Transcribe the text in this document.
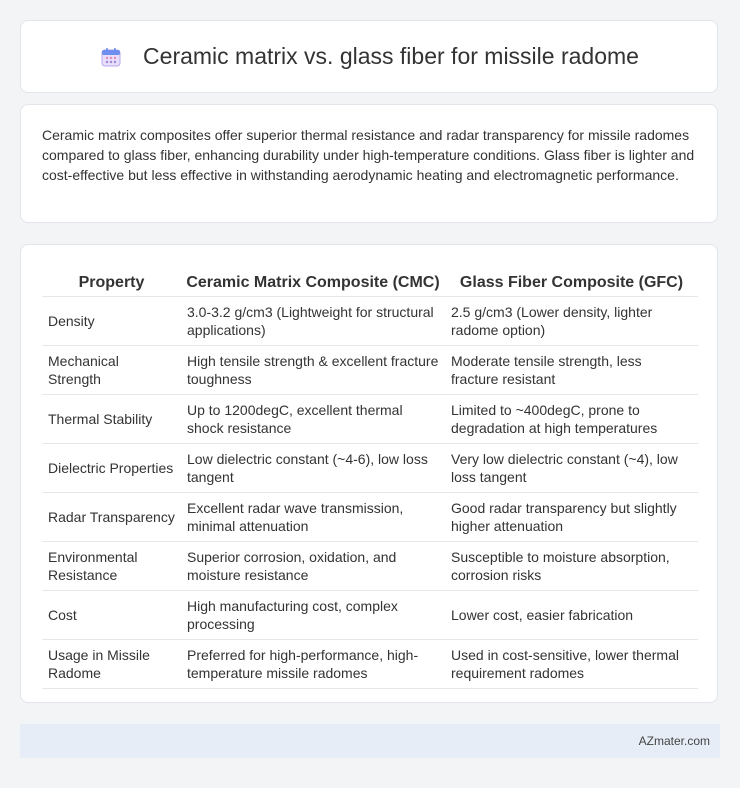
Ceramic matrix vs. glass fiber for missile radome

Ceramic matrix composites offer superior thermal resistance and radar transparency for missile radomes compared to glass fiber, enhancing durability under high-temperature conditions. Glass fiber is lighter and cost-effective but less effective in withstanding aerodynamic heating and electromagnetic performance.

Property	Ceramic Matrix Composite (CMC)	Glass Fiber Composite (GFC)
Density	3.0-3.2 g/cm3 (Lightweight for structural applications)	2.5 g/cm3 (Lower density, lighter radome option)
Mechanical Strength	High tensile strength & excellent fracture toughness	Moderate tensile strength, less fracture resistant
Thermal Stability	Up to 1200degC, excellent thermal shock resistance	Limited to ~400degC, prone to degradation at high temperatures
Dielectric Properties	Low dielectric constant (~4-6), low loss tangent	Very low dielectric constant (~4), low loss tangent
Radar Transparency	Excellent radar wave transmission, minimal attenuation	Good radar transparency but slightly higher attenuation
Environmental Resistance	Superior corrosion, oxidation, and moisture resistance	Susceptible to moisture absorption, corrosion risks
Cost	High manufacturing cost, complex processing	Lower cost, easier fabrication
Usage in Missile Radome	Preferred for high-performance, high-temperature missile radomes	Used in cost-sensitive, lower thermal requirement radomes
AZmater.com
